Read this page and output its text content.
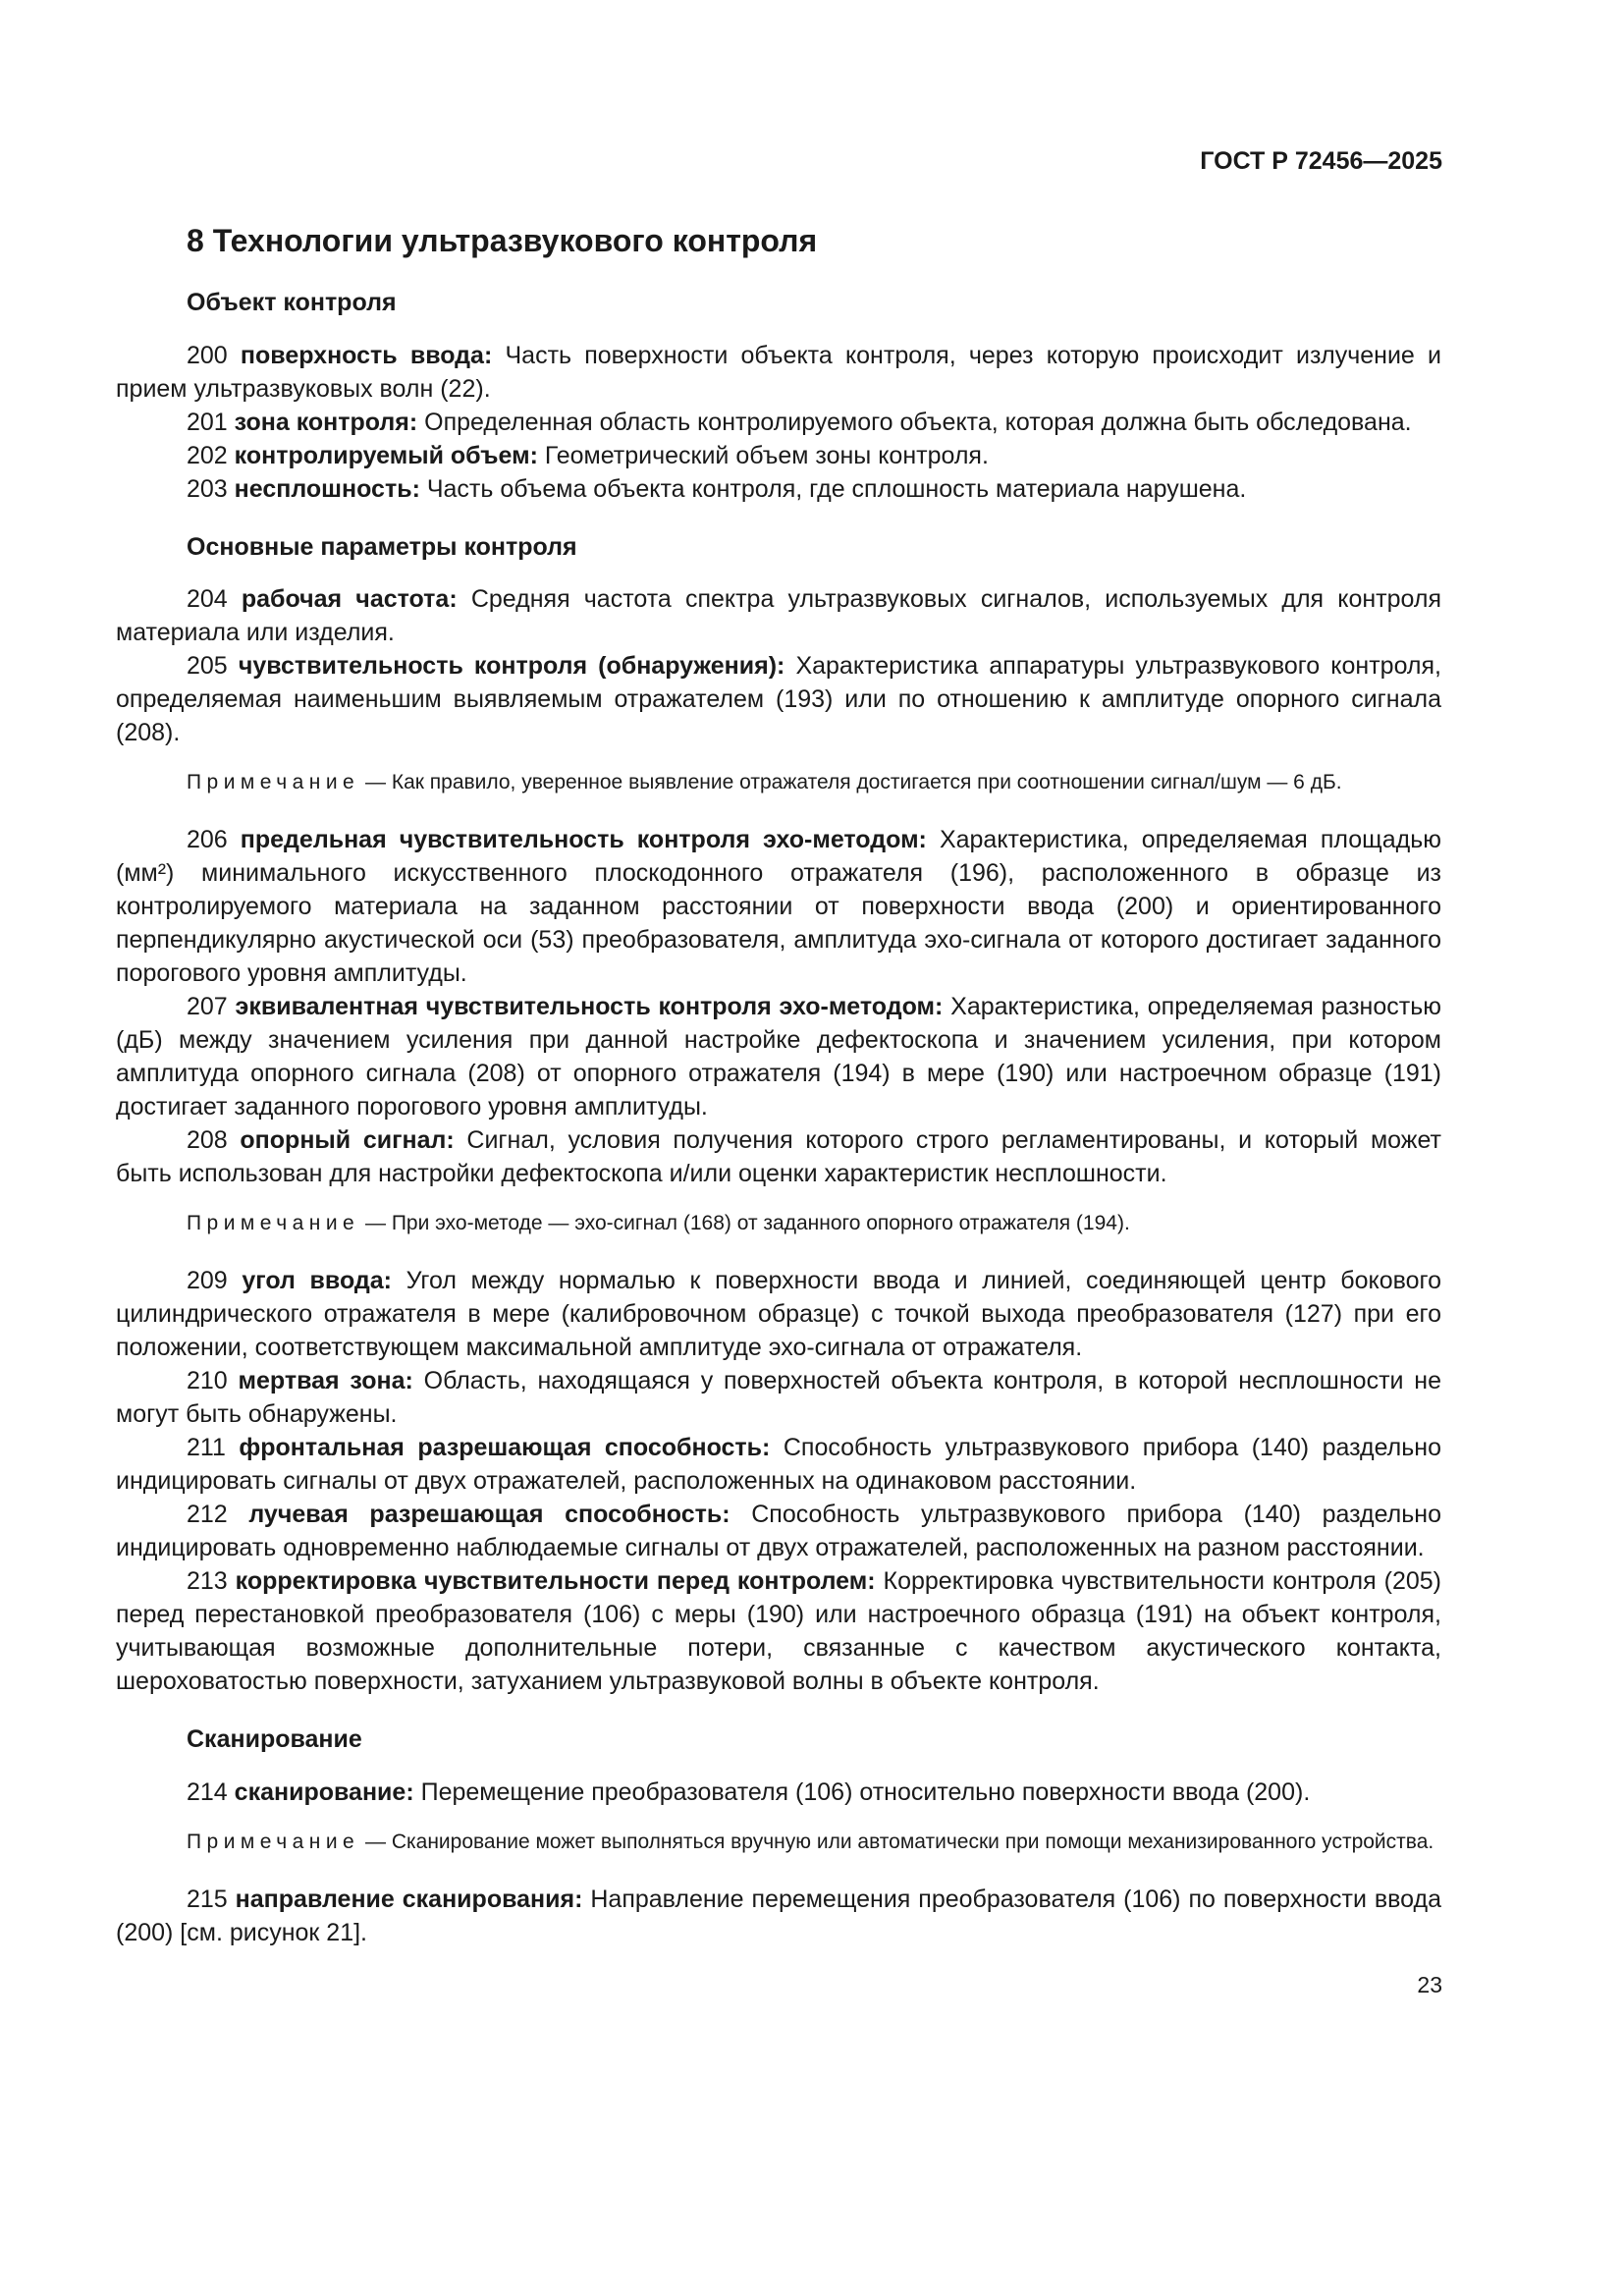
ГОСТ Р 72456—2025
8 Технологии ультразвукового контроля
Объект контроля

200 поверхность ввода: Часть поверхности объекта контроля, через которую происходит излучение и прием ультразвуковых волн (22).

201 зона контроля: Определенная область контролируемого объекта, которая должна быть обследована.

202 контролируемый объем: Геометрический объем зоны контроля.

203 несплошность: Часть объема объекта контроля, где сплошность материала нарушена.

Основные параметры контроля

204 рабочая частота: Средняя частота спектра ультразвуковых сигналов, используемых для контроля материала или изделия.

205 чувствительность контроля (обнаружения): Характеристика аппаратуры ультразвукового контроля, определяемая наименьшим выявляемым отражателем (193) или по отношению к амплитуде опорного сигнала (208).

Примечание — Как правило, уверенное выявление отражателя достигается при соотношении сигнал/шум — 6 дБ.

206 предельная чувствительность контроля эхо-методом: Характеристика, определяемая площадью (мм²) минимального искусственного плоскодонного отражателя (196), расположенного в образце из контролируемого материала на заданном расстоянии от поверхности ввода (200) и ориентированного перпендикулярно акустической оси (53) преобразователя, амплитуда эхо-сигнала от которого достигает заданного порогового уровня амплитуды.

207 эквивалентная чувствительность контроля эхо-методом: Характеристика, определяемая разностью (дБ) между значением усиления при данной настройке дефектоскопа и значением усиления, при котором амплитуда опорного сигнала (208) от опорного отражателя (194) в мере (190) или настроечном образце (191) достигает заданного порогового уровня амплитуды.

208 опорный сигнал: Сигнал, условия получения которого строго регламентированы, и который может быть использован для настройки дефектоскопа и/или оценки характеристик несплошности.

Примечание — При эхо-методе — эхо-сигнал (168) от заданного опорного отражателя (194).

209 угол ввода: Угол между нормалью к поверхности ввода и линией, соединяющей центр бокового цилиндрического отражателя в мере (калибровочном образце) с точкой выхода преобразователя (127) при его положении, соответствующем максимальной амплитуде эхо-сигнала от отражателя.

210 мертвая зона: Область, находящаяся у поверхностей объекта контроля, в которой несплошности не могут быть обнаружены.

211 фронтальная разрешающая способность: Способность ультразвукового прибора (140) раздельно индицировать сигналы от двух отражателей, расположенных на одинаковом расстоянии.

212 лучевая разрешающая способность: Способность ультразвукового прибора (140) раздельно индицировать одновременно наблюдаемые сигналы от двух отражателей, расположенных на разном расстоянии.

213 корректировка чувствительности перед контролем: Корректировка чувствительности контроля (205) перед перестановкой преобразователя (106) с меры (190) или настроечного образца (191) на объект контроля, учитывающая возможные дополнительные потери, связанные с качеством акустического контакта, шероховатостью поверхности, затуханием ультразвуковой волны в объекте контроля.

Сканирование

214 сканирование: Перемещение преобразователя (106) относительно поверхности ввода (200).

Примечание — Сканирование может выполняться вручную или автоматически при помощи механизированного устройства.

215 направление сканирования: Направление перемещения преобразователя (106) по поверхности ввода (200) [см. рисунок 21].

23
